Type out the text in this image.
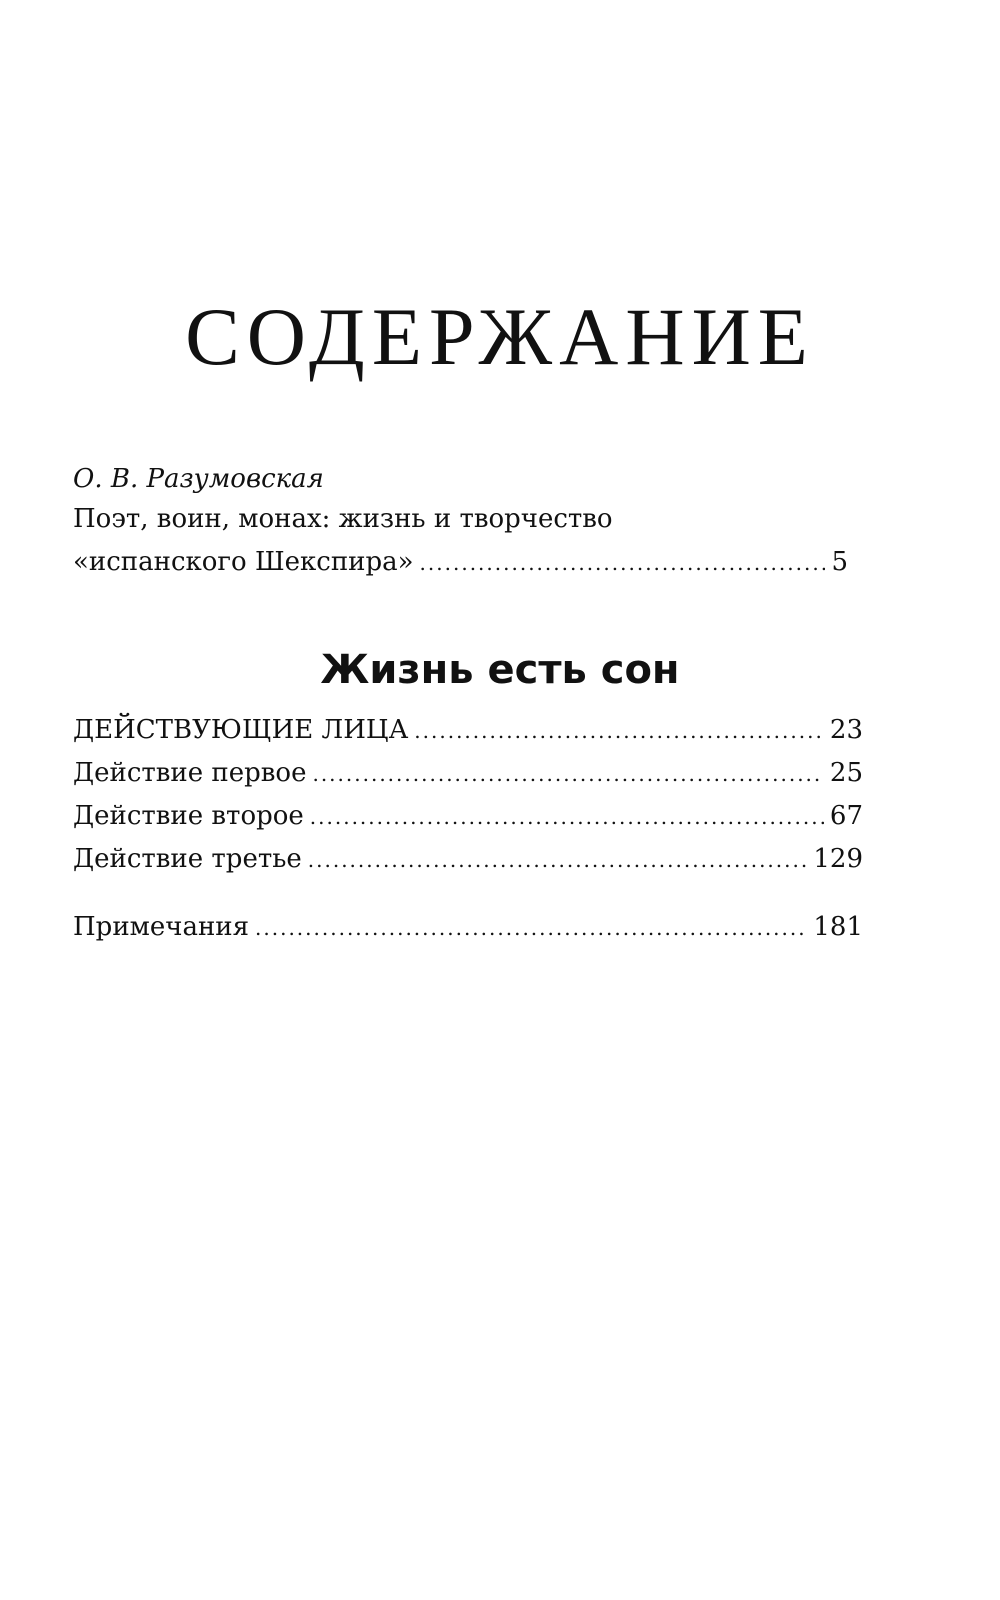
СОДЕРЖАНИЕ
О. В. Разумовская
Поэт, воин, монах: жизнь и творчество
«испанского Шекспира» .....	5
Жизнь есть сон
ДЕЙСТВУЮЩИЕ ЛИЦА .....	23
Действие первое .....	25
Действие второе .....	67
Действие третье .....	129
Примечания .....	181
